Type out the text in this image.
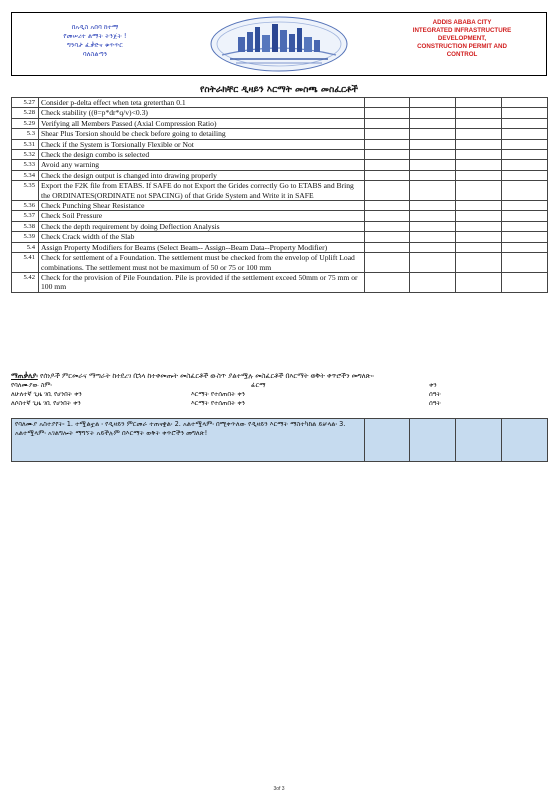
በአዲስ አበባ ከተማ
የመሠረተ ልማት ትንጀት !
ግንባታ ፈቃድና ቁጥጥር
ባለስልጣን
ADDIS ABABA CITY
INTEGRATED INFRASTRUCTURE
DEVELOPMENT,
CONSTRUCTION PERMIT AND
CONTROL
የስትራክቸር ዲዛይን እርማት መስጫ መስፈርቶች
5.27	Consider p-delta effect when teta greterthan 0.1				
5.28	Check stability ((θ=p*dr*q/v)<0.3)				
5.29	Verifying all Members Passed (Axial Compression Ratio)				
5.3	Shear Plus Torsion should be check before going to detailing				
5.31	Check if the System is Torsionally Flexible or Not				
5.32	Check the design combo is selected				
5.33	Avoid any warning				
5.34	Check the design output is changed into drawing properly				
5.35	Export the F2K file from ETABS. If SAFE do not Export the Grides correctly Go to ETABS and Bring the ORDINATES(ORDINATE not SPACING) of that Gride System and Write it in SAFE				
5.36	Check Punching Shear Resistance				
5.37	Check Soil Pressure				
5.38	Check the depth requirement by doing Deflection Analysis				
5.39	Check Crack width of the Slab				
5.4	Assign Property Modifiers for Beams (Select Beam-- Assign--Beam Data--Property Modifier)				
5.41	Check for settlement of a Foundation. The settlement must be checked from the envelop of Uplift Load combinations. The settlement must not be maximum of 50 or 75 or 100 mm				
5.42	Check for the provision of Pile Foundation. Pile is provided if the settlement exceed 50mm or 75 mm or 100 mm				
ማጠቃለያ፡ የሰነዶች ምርመራና ማጣራት ከተደረገ በኋላ ከተቀመጡት መስፈርቶች ውስጥ ያልተሟሉ መስፈርቶች በእርማት ወቅት ቀጥሮችን መግለጽ፡፡
የባለሙያው ስም፡	ፊርማ	ቀን
ለሁለተኛ ጊዜ ገቢ የሆነበት ቀን	እርማት የተሰጠበት ቀን	ሰዓት
ለሶስተኛ ጊዜ ገቢ የሆነበት ቀን	እርማት የተሰጠበት ቀን	ሰዓት
የባለሙያ አስተያየት፡ 1. ተሟልቷል ፡ የዲዛይን ምርመራ ተጠናቋል፡ 2. አልተሟላም፡ በሚቀጥለው የዲዛይን እርማት ማስተካከል ይቻላል፡ 3. አልተሟላም፡ አገልግሎት ማግኘት አይችሉም በእርማት ወቅት ቀጥሮችን መግለጽ!				
3of 3
